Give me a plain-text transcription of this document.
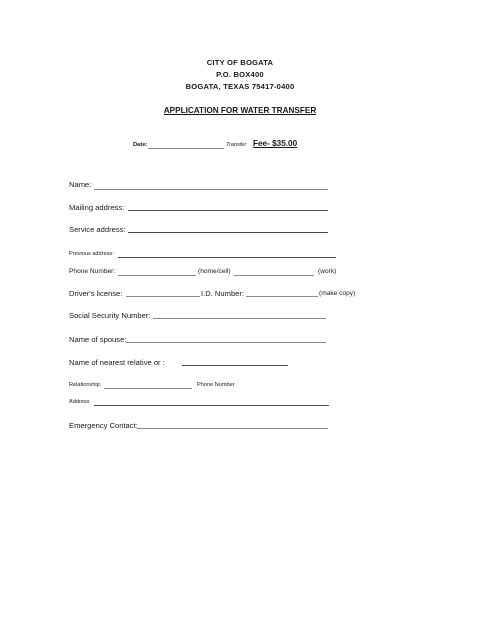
CITY OF BOGATA
P.O. BOX400
BOGATA, TEXAS 75417-0400
APPLICATION FOR WATER TRANSFER
Date:	Transfer Fee- $35.00
Name:
Mailing address:
Service address:
Previous address:
Phone Number:	(home/cell)	(work)
Driver's license:	I.D. Number:	(make copy)
Social Security Number:
Name of spouse:
Name of nearest relative or :
Relationship:	Phone Number
Address
Emergency Contact:
